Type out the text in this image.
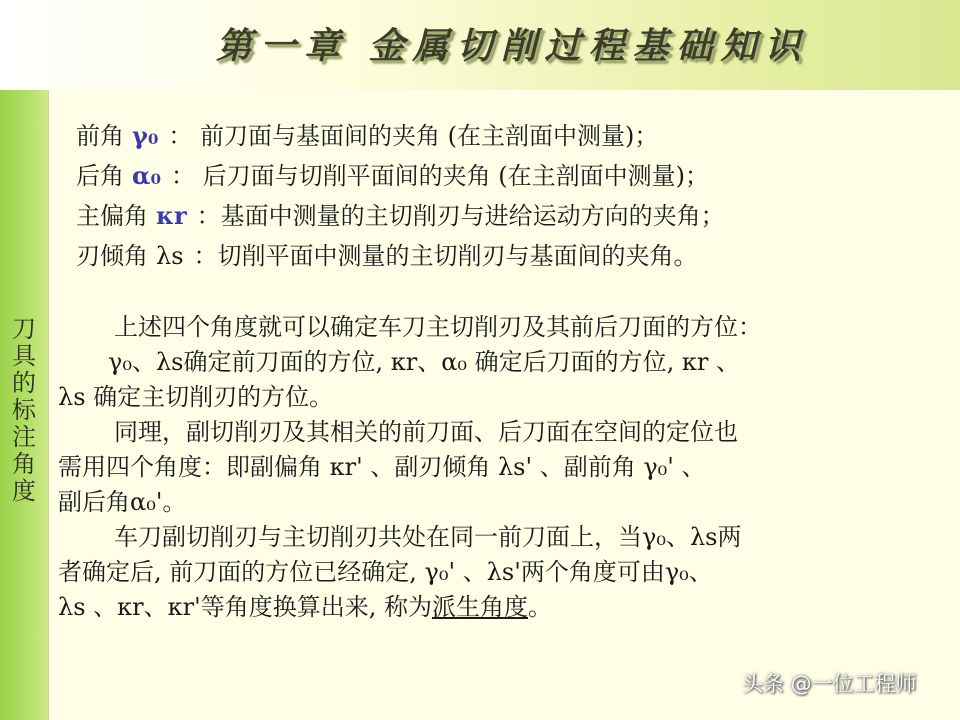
第一章 金属切削过程基础知识
刀具的标注角度
前角 γ₀ ： 前刀面与基面间的夹角 (在主剖面中测量)；
后角 α₀ ： 后刀面与切削平面间的夹角 (在主剖面中测量)；
主偏角 κr ：基面中测量的主切削刃与进给运动方向的夹角；
刃倾角 λs ：切削平面中测量的主切削刃与基面间的夹角。
上述四个角度就可以确定车刀主切削刃及其前后刀面的方位：
γ₀、λs确定前刀面的方位, κr、α₀ 确定后刀面的方位, κr 、
λs 确定主切削刃的方位。
同理，副切削刃及其相关的前刀面、后刀面在空间的定位也
需用四个角度：即副偏角 κr' 、副刃倾角 λs' 、副前角 γ₀' 、
副后角α₀'。
车刀副切削刃与主切削刃共处在同一前刀面上，当γ₀、λs两
者确定后, 前刀面的方位已经确定, γ₀' 、λs'两个角度可由γ₀、
λs 、κr、κr'等角度换算出来, 称为派生角度。
头条 @一位工程师
